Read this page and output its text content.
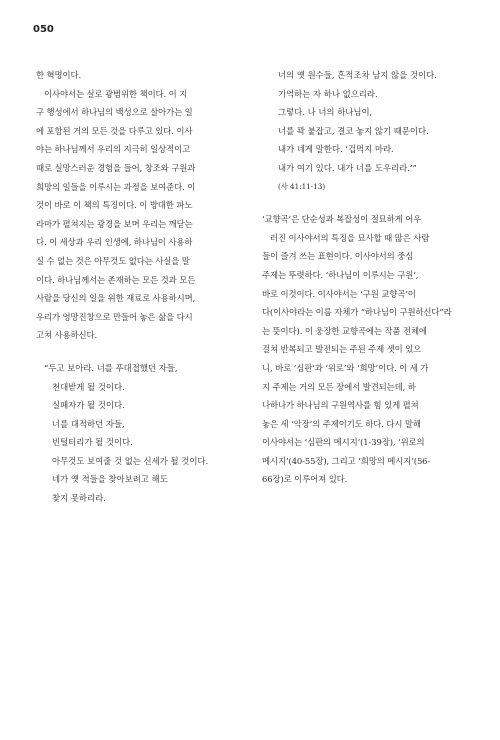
050

한 혁명이다.
이사야서는 실로 광범위한 책이다. 이 지
구 행성에서 하나님의 백성으로 살아가는 일
에 포함된 거의 모든 것을 다루고 있다. 이사
야는 하나님께서 우리의 지극히 일상적이고
때로 실망스러운 경험을 들어, 창조와 구원과
희망의 일들을 이루시는 과정을 보여준다. 이
것이 바로 이 책의 특징이다. 이 방대한 파노
라마가 펼쳐지는 광경을 보며 우리는 깨닫는
다. 이 세상과 우리 인생에, 하나님이 사용하
실 수 없는 것은 아무것도 없다는 사실을 말
이다. 하나님께서는 존재하는 모든 것과 모든
사람을 당신의 일을 위한 재료로 사용하시며,
우리가 엉망진창으로 만들어 놓은 삶을 다시
고쳐 사용하신다.

“두고 보아라. 너를 푸대접했던 자들,
천대받게 될 것이다.
실패자가 될 것이다.
너를 대적하던 자들,
빈털터리가 될 것이다.
아무것도 보여줄 것 없는 신세가 될 것이다.
네가 옛 적들을 찾아보려고 해도
찾지 못하리라.
너의 옛 원수들, 흔적조차 남지 않을 것이다.
기억하는 자 하나 없으리라.
그렇다. 나 너의 하나님이,
너를 꽉 붙잡고, 결코 놓지 않기 때문이다.
내가 네게 말한다. ‘겁먹지 마라.
내가 여기 있다. 내가 너를 도우리라.’”
(사 41:11-13)

‘교향곡’은 단순성과 복잡성이 절묘하게 어우
러진 이사야서의 특징을 묘사할 때 많은 사람
들이 즐겨 쓰는 표현이다. 이사야서의 중심
주제는 뚜렷하다. ‘하나님이 이루시는 구원’,
바로 이것이다. 이사야서는 ‘구원 교향곡’이
다(이사야라는 이름 자체가 “하나님이 구원하신다”라
는 뜻이다). 이 웅장한 교향곡에는 작품 전체에
걸쳐 반복되고 발전되는 주된 주제 셋이 있으
니, 바로 ‘심판’과 ‘위로’와 ‘희망’이다. 이 세 가
지 주제는 거의 모든 장에서 발견되는데, 하
나하나가 하나님의 구원역사를 힘 있게 펼쳐
놓은 세 ‘악장’의 주제이기도 하다. 다시 말해
이사야서는 ‘심판의 메시지’(1-39장), ‘위로의
메시지’(40-55장), 그리고 ‘희망의 메시지’(56-
66장)로 이루어져 있다.
